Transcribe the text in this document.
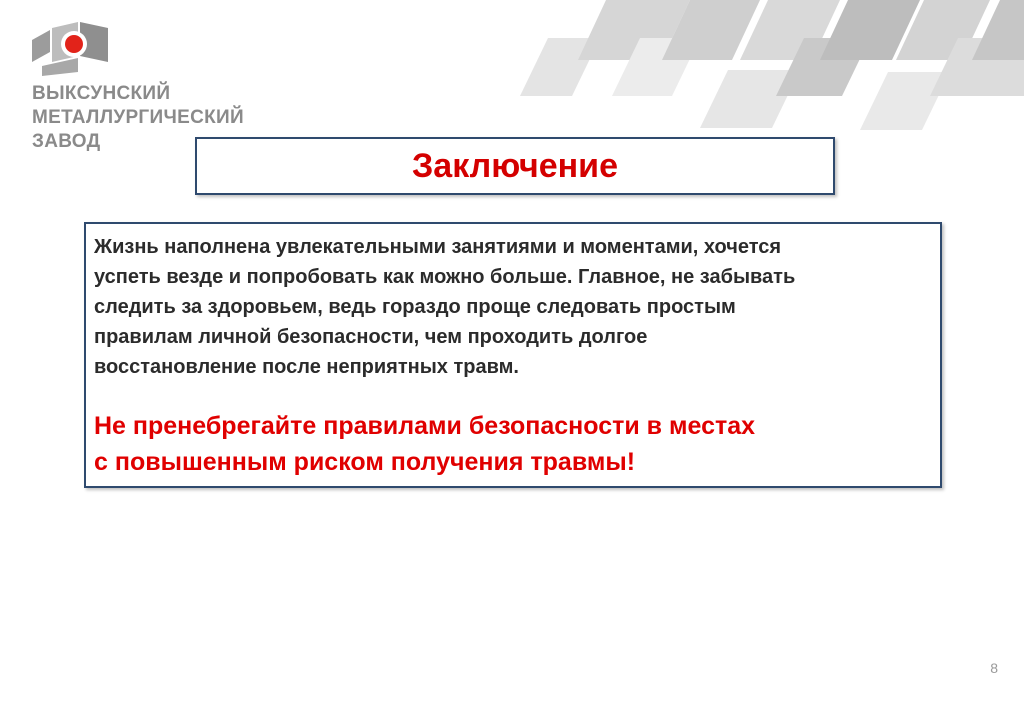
ВЫКСУНСКИЙ
МЕТАЛЛУРГИЧЕСКИЙ
ЗАВОД
Заключение

Жизнь наполнена увлекательными занятиями и моментами, хочется
успеть везде и попробовать как можно больше. Главное, не забывать
следить за здоровьем, ведь гораздо проще следовать простым
правилам личной безопасности, чем проходить долгое
восстановление после неприятных травм.

Не пренебрегайте правилами безопасности в местах
с повышенным риском получения травмы!
8
